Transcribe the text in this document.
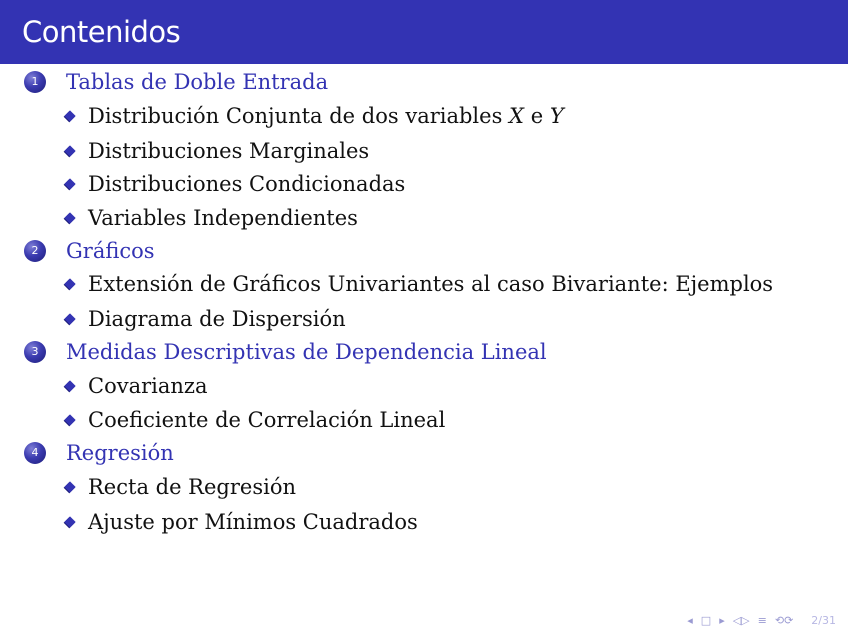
Contenidos
1	Tablas de Doble Entrada
Distribución Conjunta de dos variables X e Y
Distribuciones Marginales
Distribuciones Condicionadas
Variables Independientes
2	Gráficos
Extensión de Gráficos Univariantes al caso Bivariante: Ejemplos
Diagrama de Dispersión
3	Medidas Descriptivas de Dependencia Lineal
Covarianza
Coeficiente de Correlación Lineal
4	Regresión
Recta de Regresión
Ajuste por Mínimos Cuadrados
◂ □ ▸ ◁▷ ≡ ⟲⟳ 2/31
